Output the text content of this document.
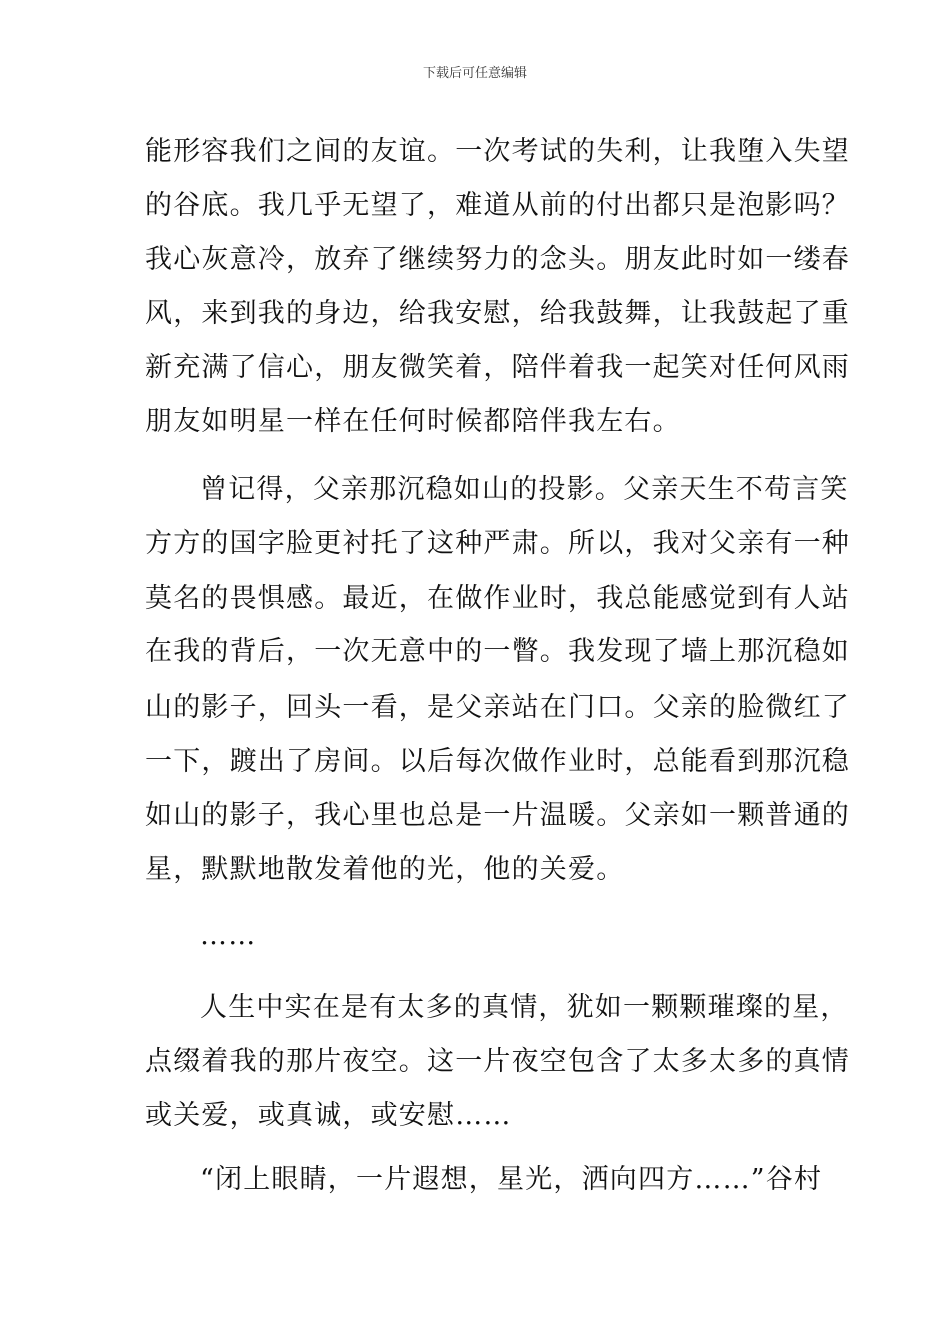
下载后可任意编辑
能形容我们之间的友谊。一次考试的失利，让我堕入失望
的谷底。我几乎无望了，难道从前的付出都只是泡影吗？
我心灰意冷，放弃了继续努力的念头。朋友此时如一缕春
风，来到我的身边，给我安慰，给我鼓舞，让我鼓起了重
新充满了信心，朋友微笑着，陪伴着我一起笑对任何风雨
朋友如明星一样在任何时候都陪伴我左右。
曾记得，父亲那沉稳如山的投影。父亲天生不苟言笑
方方的国字脸更衬托了这种严肃。所以，我对父亲有一种
莫名的畏惧感。最近，在做作业时，我总能感觉到有人站
在我的背后，一次无意中的一瞥。我发现了墙上那沉稳如
山的影子，回头一看，是父亲站在门口。父亲的脸微红了
一下，踱出了房间。以后每次做作业时，总能看到那沉稳
如山的影子，我心里也总是一片温暖。父亲如一颗普通的
星，默默地散发着他的光，他的关爱。
……
人生中实在是有太多的真情，犹如一颗颗璀璨的星，
点缀着我的那片夜空。这一片夜空包含了太多太多的真情
或关爱，或真诚，或安慰……
“闭上眼睛，一片遐想，星光，洒向四方……”谷村
